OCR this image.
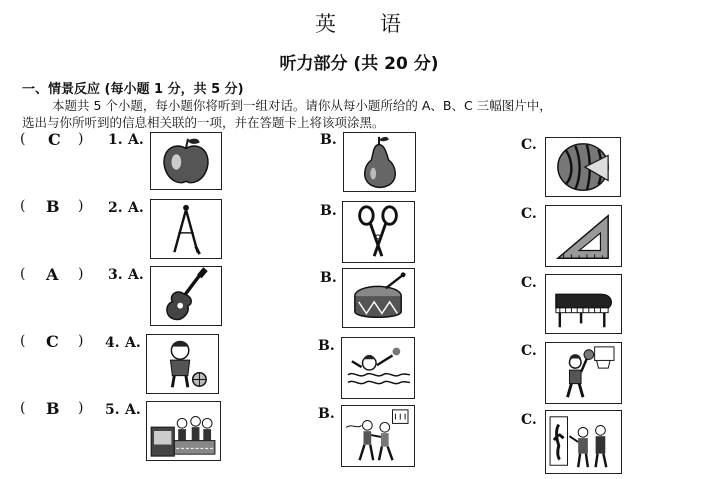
英 语
听力部分 (共 20 分)
一、情景反应 (每小题 1 分，共 5 分)
本题共 5 个小题，每小题你将听到一组对话。请你从每小题所给的 A、B、C 三幅图片中，
选出与你所听到的信息相关联的一项，并在答题卡上将该项涂黑。
( C ) 1. A.	B.	C.
( B ) 2. A.	B.	C.
( A ) 3. A.	B.	C.
( C ) 4. A.	B.	C.
( B ) 5. A.	B.	C.
